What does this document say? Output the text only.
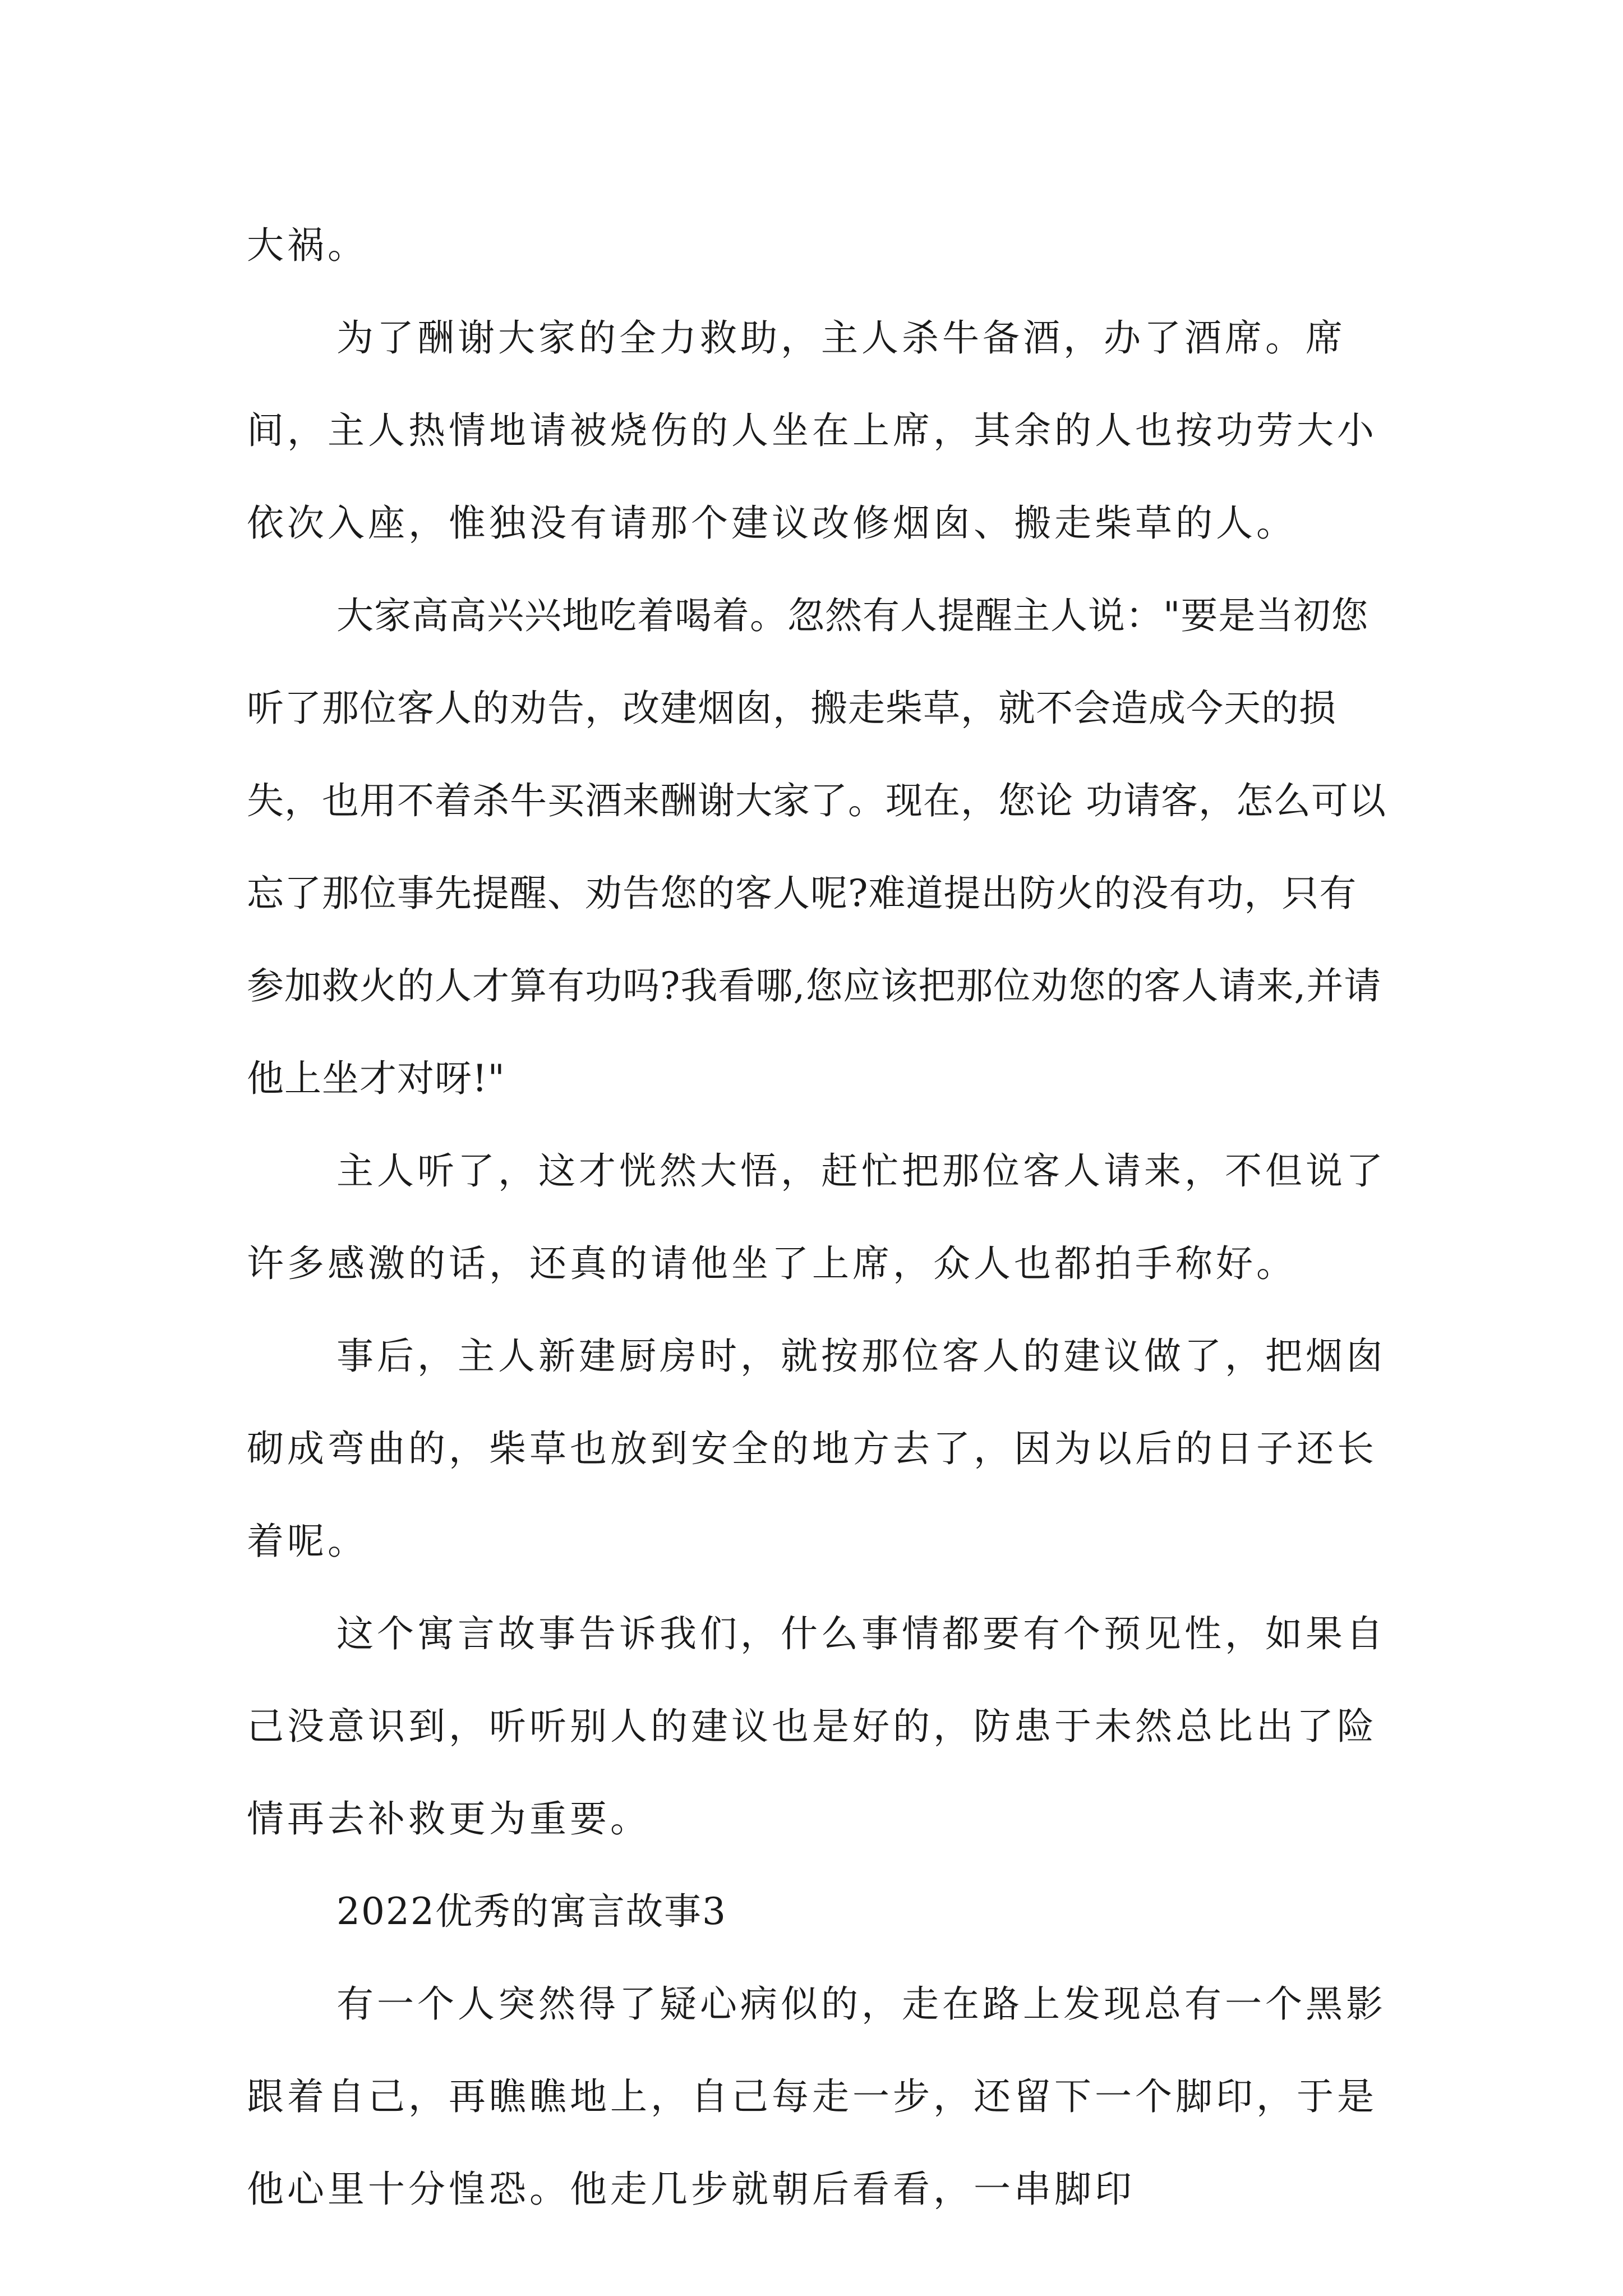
大祸。

为了酬谢大家的全力救助，主人杀牛备酒，办了酒席。席间，主人热情地请被烧伤的人坐在上席，其余的人也按功劳大小依次入座，惟独没有请那个建议改修烟囱、搬走柴草的人。

大家高高兴兴地吃着喝着。忽然有人提醒主人说："要是当初您听了那位客人的劝告，改建烟囱，搬走柴草，就不会造成今天的损失，也用不着杀牛买酒来酬谢大家了。现在，您论 功请客，怎么可以忘了那位事先提醒、劝告您的客人呢?难道提出防火的没有功，只有参加救火的人才算有功吗?我看哪,您应该把那位劝您的客人请来,并请他上坐才对呀!"

主人听了，这才恍然大悟，赶忙把那位客人请来，不但说了许多感激的话，还真的请他坐了上席，众人也都拍手称好。

事后，主人新建厨房时，就按那位客人的建议做了，把烟囱砌成弯曲的，柴草也放到安全的地方去了，因为以后的日子还长着呢。

这个寓言故事告诉我们，什么事情都要有个预见性，如果自己没意识到，听听别人的建议也是好的，防患于未然总比出了险情再去补救更为重要。

2022优秀的寓言故事3

有一个人突然得了疑心病似的，走在路上发现总有一个黑影跟着自己，再瞧瞧地上，自己每走一步，还留下一个脚印，于是他心里十分惶恐。他走几步就朝后看看，一串脚印
